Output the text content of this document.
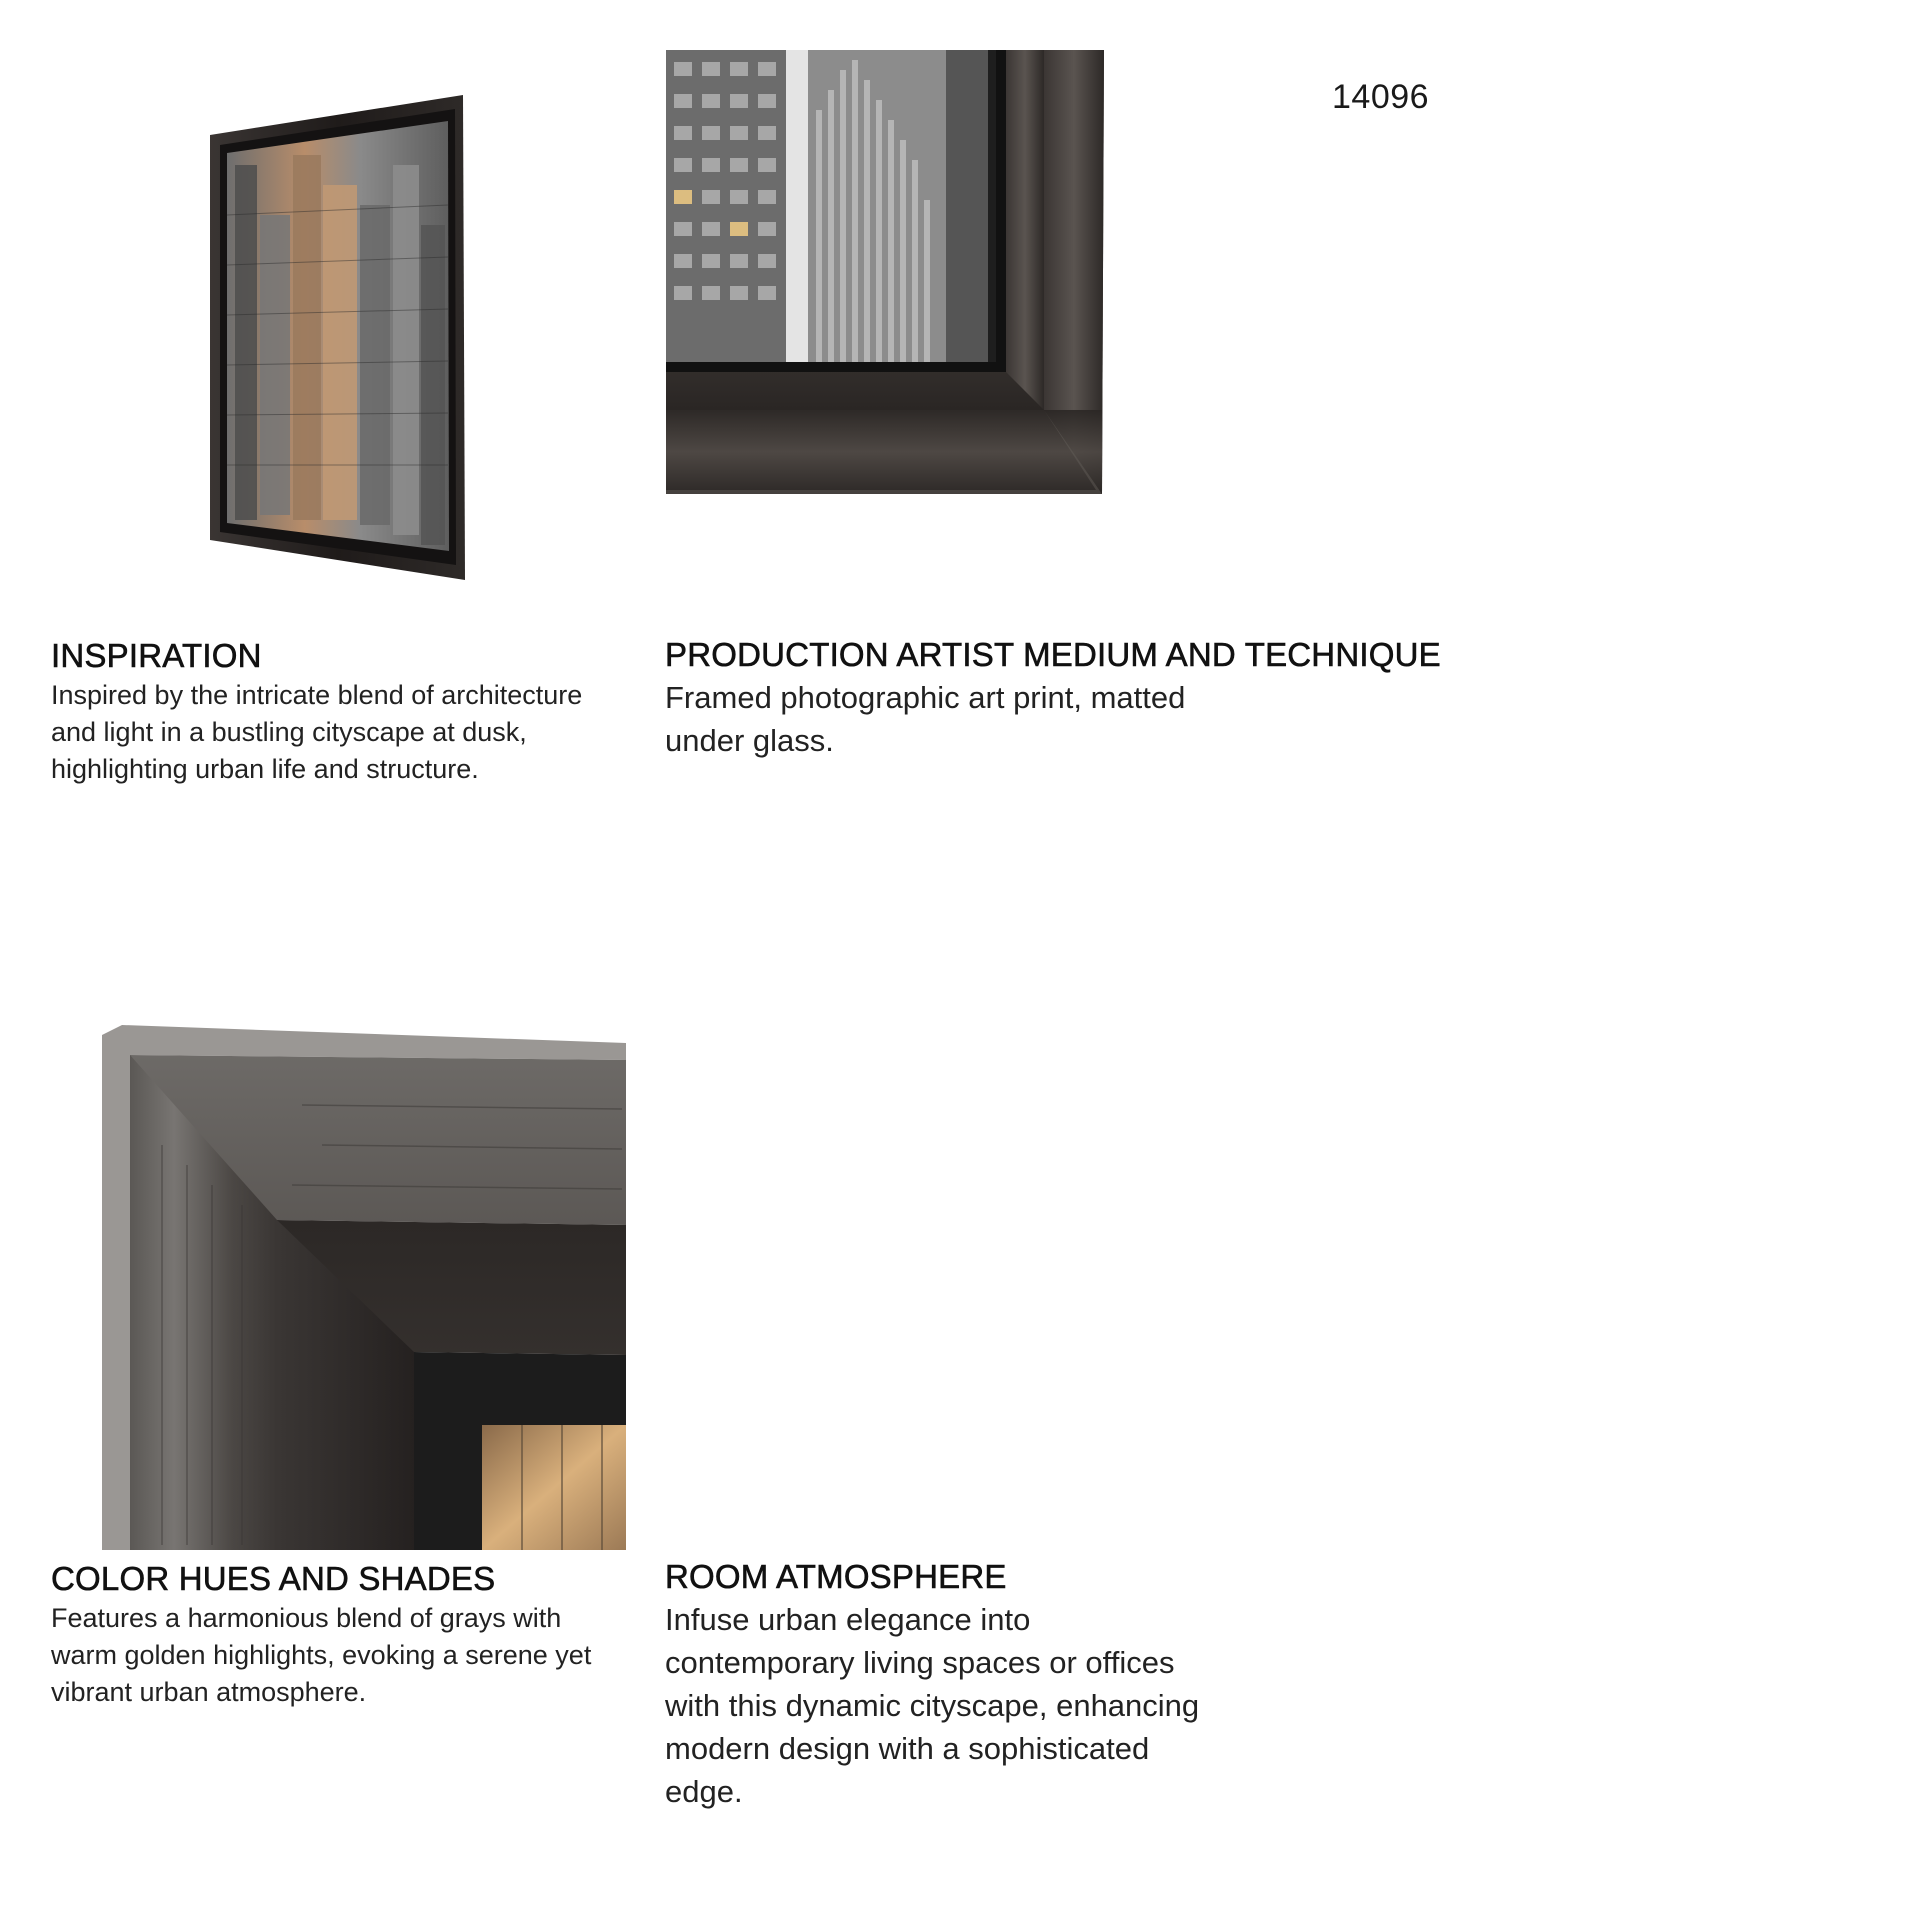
14096
INSPIRATION

Inspired by the intricate blend of architecture
and light in a bustling cityscape at dusk,
highlighting urban life and structure.

PRODUCTION ARTIST MEDIUM AND TECHNIQUE

Framed photographic art print, matted
under glass.

COLOR HUES AND SHADES

Features a harmonious blend of grays with
warm golden highlights, evoking a serene yet
vibrant urban atmosphere.

ROOM ATMOSPHERE

Infuse urban elegance into
contemporary living spaces or offices
with this dynamic cityscape, enhancing
modern design with a sophisticated
edge.
